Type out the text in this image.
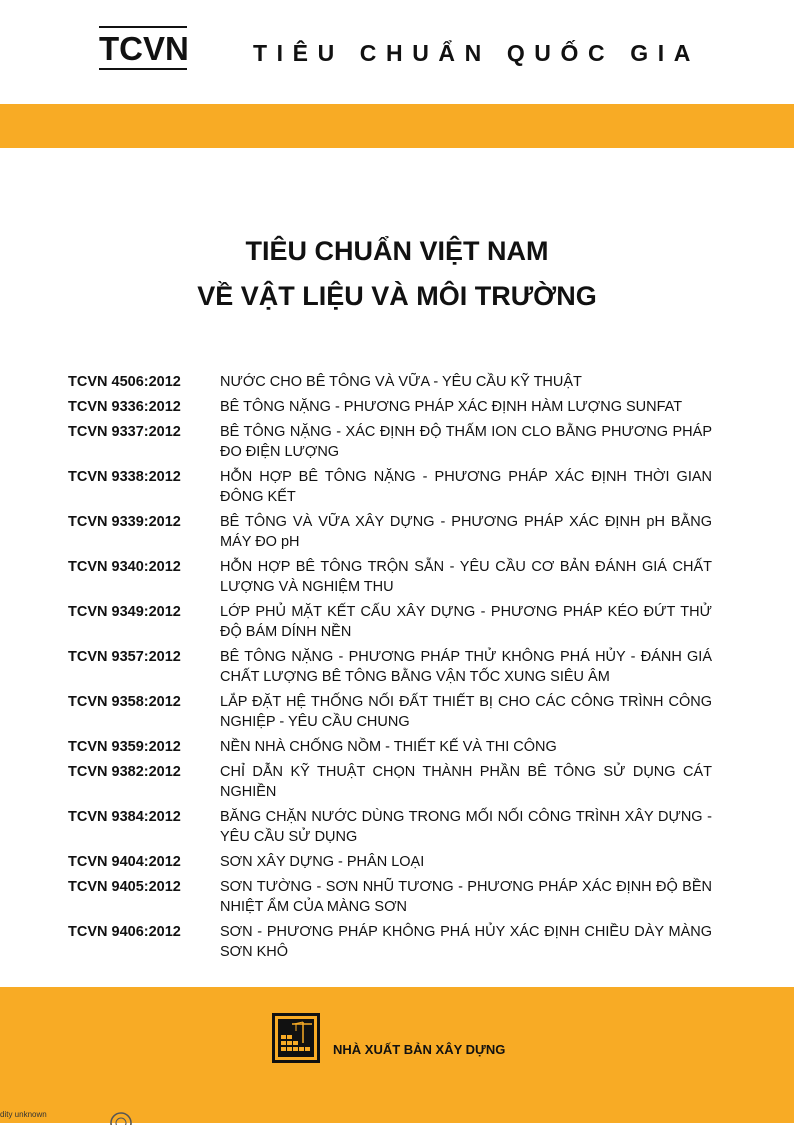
TCVN	TIÊU CHUẨN QUỐC GIA
TIÊU CHUẨN VIỆT NAM
VỀ VẬT LIỆU VÀ MÔI TRƯỜNG
TCVN 4506:2012	NƯỚC CHO BÊ TÔNG VÀ VỮA - YÊU CẦU KỸ THUẬT
TCVN 9336:2012	BÊ TÔNG NẶNG - PHƯƠNG PHÁP XÁC ĐỊNH HÀM LƯỢNG SUNFAT
TCVN 9337:2012	BÊ TÔNG NẶNG - XÁC ĐỊNH ĐỘ THẤM ION CLO BẰNG PHƯƠNG PHÁP ĐO ĐIỆN LƯỢNG
TCVN 9338:2012	HỖN HỢP BÊ TÔNG NẶNG - PHƯƠNG PHÁP XÁC ĐỊNH THỜI GIAN ĐÔNG KẾT
TCVN 9339:2012	BÊ TÔNG VÀ VỮA XÂY DỰNG - PHƯƠNG PHÁP XÁC ĐỊNH pH BẰNG MÁY ĐO pH
TCVN 9340:2012	HỖN HỢP BÊ TÔNG TRỘN SẴN - YÊU CẦU CƠ BẢN ĐÁNH GIÁ CHẤT LƯỢNG VÀ NGHIỆM THU
TCVN 9349:2012	LỚP PHỦ MẶT KẾT CẤU XÂY DỰNG - PHƯƠNG PHÁP KÉO ĐỨT THỬ ĐỘ BÁM DÍNH NỀN
TCVN 9357:2012	BÊ TÔNG NẶNG - PHƯƠNG PHÁP THỬ KHÔNG PHÁ HỦY - ĐÁNH GIÁ CHẤT LƯỢNG BÊ TÔNG BẰNG VẬN TỐC XUNG SIÊU ÂM
TCVN 9358:2012	LẮP ĐẶT HỆ THỐNG NỐI ĐẤT THIẾT BỊ CHO CÁC CÔNG TRÌNH CÔNG NGHIỆP - YÊU CẦU CHUNG
TCVN 9359:2012	NỀN NHÀ CHỐNG NỒM - THIẾT KẾ VÀ THI CÔNG
TCVN 9382:2012	CHỈ DẪN KỸ THUẬT CHỌN THÀNH PHẦN BÊ TÔNG SỬ DỤNG CÁT NGHIỀN
TCVN 9384:2012	BĂNG CHẶN NƯỚC DÙNG TRONG MỐI NỐI CÔNG TRÌNH XÂY DỰNG - YÊU CẦU SỬ DỤNG
TCVN 9404:2012	SƠN XÂY DỰNG - PHÂN LOẠI
TCVN 9405:2012	SƠN TƯỜNG - SƠN NHŨ TƯƠNG - PHƯƠNG PHÁP XÁC ĐỊNH ĐỘ BỀN NHIỆT ẨM CỦA MÀNG SƠN
TCVN 9406:2012	SƠN - PHƯƠNG PHÁP KHÔNG PHÁ HỦY XÁC ĐỊNH CHIỀU DÀY MÀNG SƠN KHÔ
NHÀ XUẤT BẢN XÂY DỰNG
dity unknown
